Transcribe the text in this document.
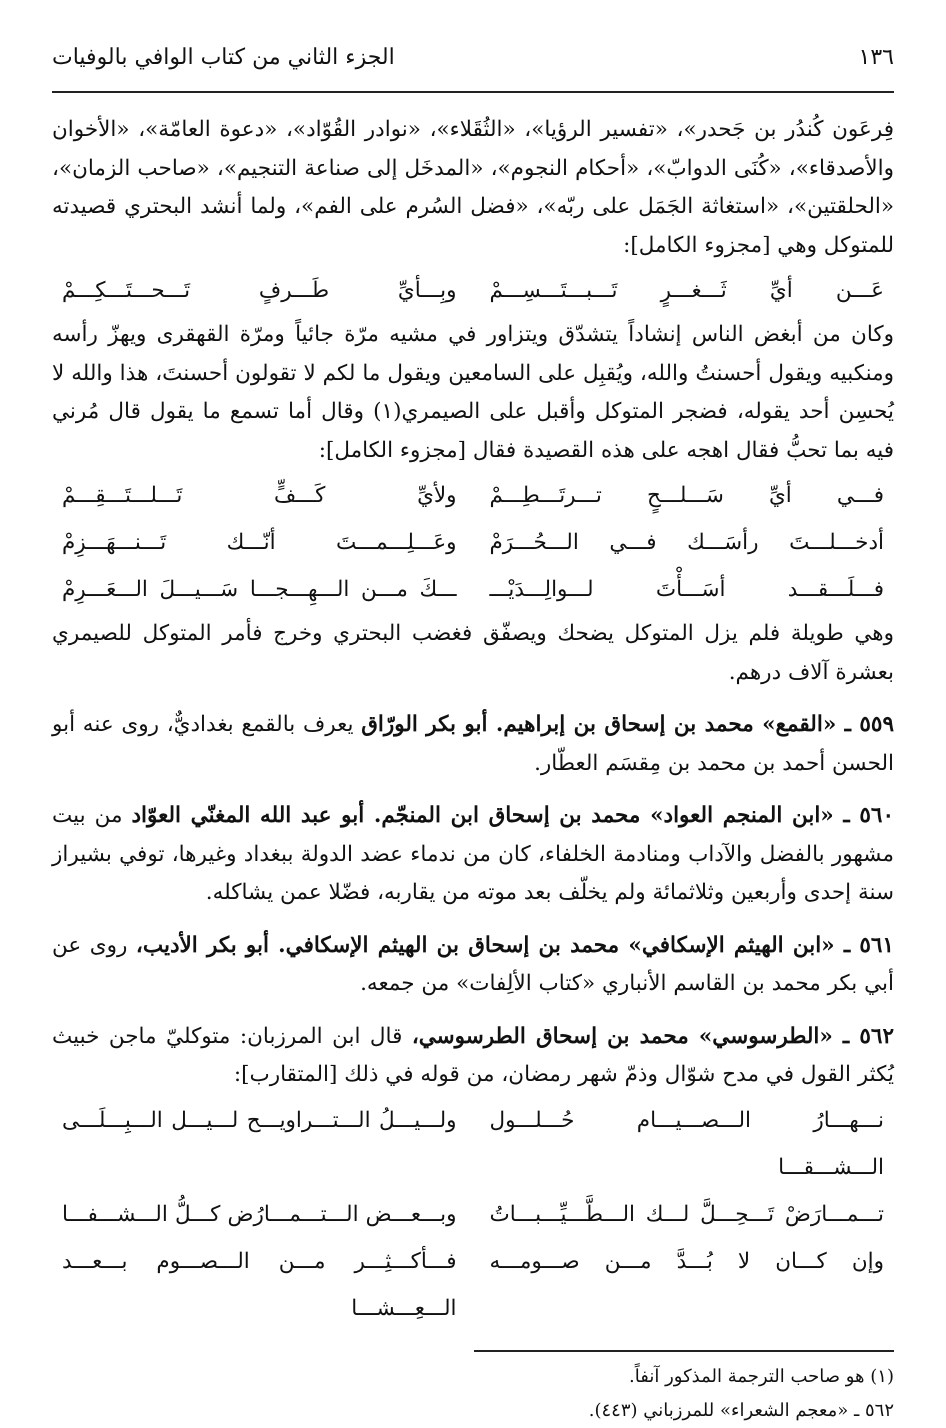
١٣٦
الجزء الثاني من كتاب الوافي بالوفيات

فِرعَون كُندُر بن جَحدر»، «تفسير الرؤيا»، «الثُقَلاء»، «نوادر القُوّاد»، «دعوة العامّة»، «الأخوان والأصدقاء»، «كُنَى الدوابّ»، «أحكام النجوم»، «المدخَل إلى صناعة التنجيم»، «صاحب الزمان»، «الحلقتين»، «استغاثة الجَمَل على ربّه»، «فضل السُرم على الفم»، ولما أنشد البحتري قصيدته للمتوكل وهي [مجزوء الكامل]:

عَـــن أيِّ ثَـــغـــرٍ تَـــبـــتَـــسِـــمْ
وبِـــأيِّ طَـــرفٍ تَـــحـــتَـــكِـــمْ

وكان من أبغض الناس إنشاداً يتشدّق ويتزاور في مشيه مرّة جائياً ومرّة القهقرى ويهزّ رأسه ومنكبيه ويقول أحسنتُ والله، ويُقبِل على السامعين ويقول ما لكم لا تقولون أحسنتَ، هذا والله لا يُحسِن أحد يقوله، فضجر المتوكل وأقبل على الصيمري(١) وقال أما تسمع ما يقول قال مُرني فيه بما تحبُّ فقال اهجه على هذه القصيدة فقال [مجزوء الكامل]:

فـــي أيِّ سَـــلـــحٍ تـــرتَـــطِـــمْ
ولأيِّ كَـــفٍّ تَـــلـــتَـــقِـــمْ
أدخـــلـــتَ رأسَـــك فـــي الـــحُـــرَمْ
وعَـــلِـــمـــتَ أنّـــك تَـــنـــهَـــزِمْ
فـــلَـــقـــد أسَـــأْتَ لـــوالِـــدَيْـــ
ـــكَ مـــن الـــهِـــجـــا سَـــيـــلَ الـــعَـــرِمْ

وهي طويلة فلم يزل المتوكل يضحك ويصفّق فغضب البحتري وخرج فأمر المتوكل للصيمري بعشرة آلاف درهم.

٥٥٩ ـ «القمع» محمد بن إسحاق بن إبراهيم. أبو بكر الورّاق يعرف بالقمع بغداديٌّ، روى عنه أبو الحسن أحمد بن محمد بن مِقسَم العطّار.

٥٦٠ ـ «ابن المنجم العواد» محمد بن إسحاق ابن المنجّم. أبو عبد الله المغنّي العوّاد من بيت مشهور بالفضل والآداب ومنادمة الخلفاء، كان من ندماء عضد الدولة ببغداد وغيرها، توفي بشيراز سنة إحدى وأربعين وثلاثمائة ولم يخلّف بعد موته من يقاربه، فضّلا عمن يشاكله.

٥٦١ ـ «ابن الهيثم الإسكافي» محمد بن إسحاق بن الهيثم الإسكافي. أبو بكر الأديب، روى عن أبي بكر محمد بن القاسم الأنباري «كتاب الألِفات» من جمعه.

٥٦٢ ـ «الطرسوسي» محمد بن إسحاق الطرسوسي، قال ابن المرزبان: متوكليّ ماجن خبيث يُكثر القول في مدح شوّال وذمّ شهر رمضان، من قوله في ذلك [المتقارب]:

نـــهـــارُ الـــصـــيـــام حُـــلـــول الـــشـــقـــا
ولـــيـــلُ الـــتـــراويـــح لـــيـــل الـــبِـــلَـــى
تـــمـــارَضْ تَـــحِـــلَّ لـــك الـــطَّـــيِّـــبـــاتُ
وبـــعـــض الـــتـــمـــارُض كـــلُّ الـــشـــفـــا
وإن كـــان لا بُـــدَّ مـــن صـــومـــه
فـــأكـــثِـــر مـــن الـــصـــوم بـــعـــد الـــعِـــشـــا

(١) هو صاحب الترجمة المذكور آنفاً.

٥٦٢ ـ «معجم الشعراء» للمرزباني (٤٤٣).
